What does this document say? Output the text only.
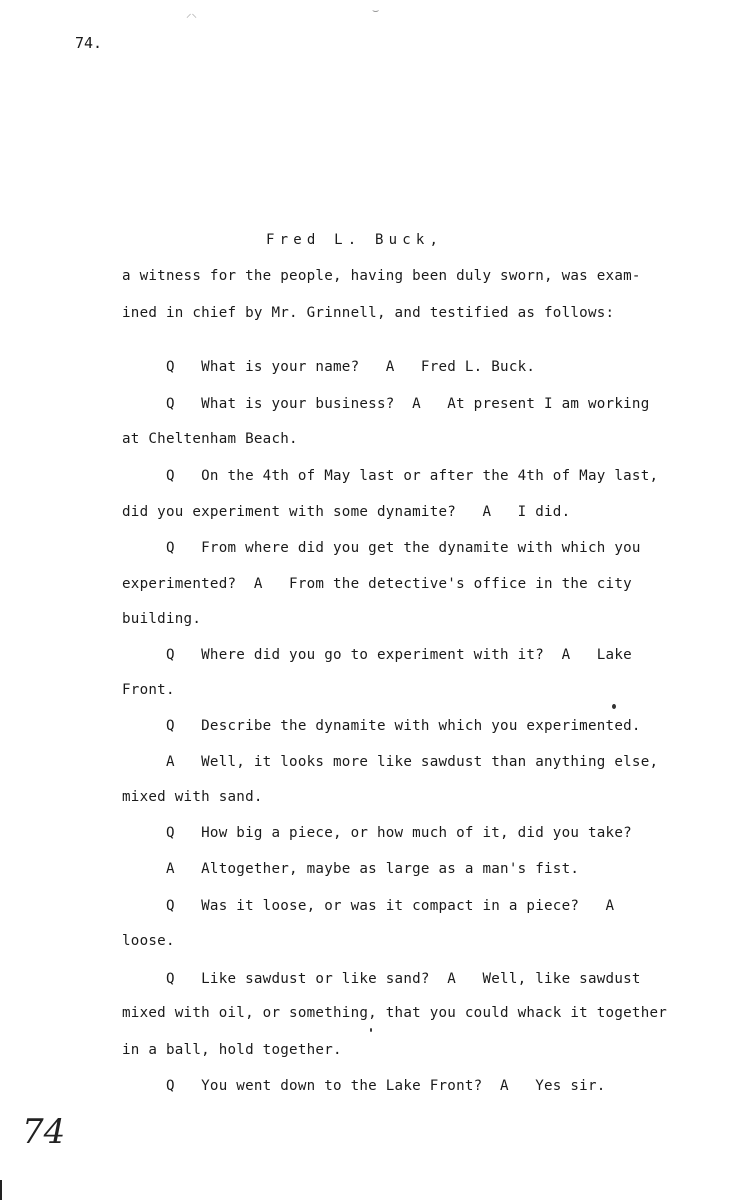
⸝⸜	⌣
74.
Fred L. Buck,
a witness for the people, having been duly sworn, was exam-
ined in chief by Mr. Grinnell, and testified as follows:
Q   What is your name?   A   Fred L. Buck.
Q   What is your business?  A   At present I am working
at Cheltenham Beach.
Q   On the 4th of May last or after the 4th of May last,
did you experiment with some dynamite?   A   I did.
Q   From where did you get the dynamite with which you
experimented?  A   From the detective's office in the city
building.
Q   Where did you go to experiment with it?  A   Lake
Front.
Q   Describe the dynamite with which you experimented.
A   Well, it looks more like sawdust than anything else,
mixed with sand.
Q   How big a piece, or how much of it, did you take?
A   Altogether, maybe as large as a man's fist.
Q   Was it loose, or was it compact in a piece?   A
loose.
Q   Like sawdust or like sand?  A   Well, like sawdust
mixed with oil, or something, that you could whack it together
in a ball, hold together.
Q   You went down to the Lake Front?  A   Yes sir.
74
